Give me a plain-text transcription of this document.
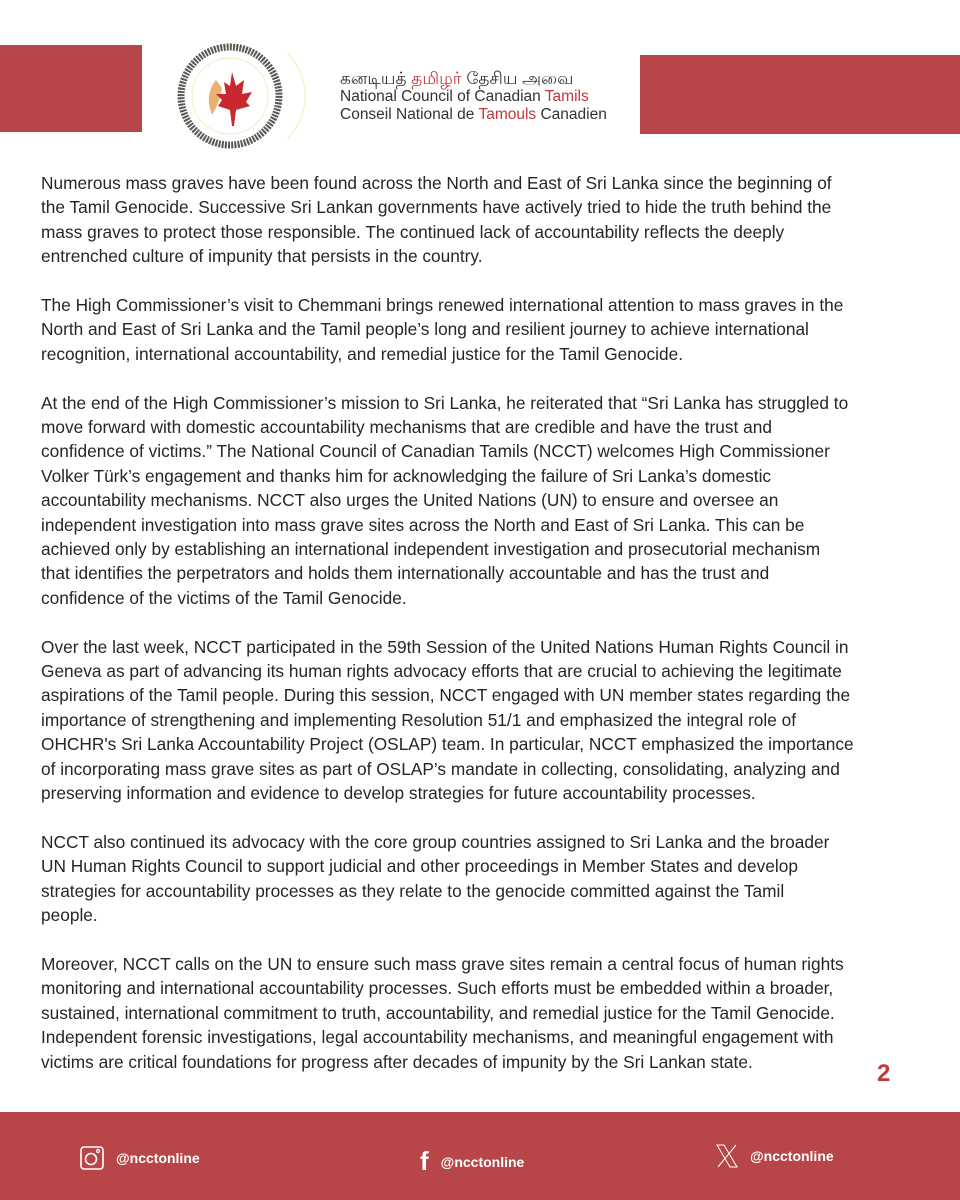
கனடியத் தமிழர் தேசிய அவை
National Council of Canadian Tamils
Conseil National de Tamouls Canadien

Numerous mass graves have been found across the North and East of Sri Lanka since the beginning of
the Tamil Genocide. Successive Sri Lankan governments have actively tried to hide the truth behind the
mass graves to protect those responsible. The continued lack of accountability reflects the deeply
entrenched culture of impunity that persists in the country.

The High Commissioner’s visit to Chemmani brings renewed international attention to mass graves in the
North and East of Sri Lanka and the Tamil people’s long and resilient journey to achieve international
recognition, international accountability, and remedial justice for the Tamil Genocide.

At the end of the High Commissioner’s mission to Sri Lanka, he reiterated that “Sri Lanka has struggled to
move forward with domestic accountability mechanisms that are credible and have the trust and
confidence of victims.” The National Council of Canadian Tamils (NCCT) welcomes High Commissioner
Volker Türk’s engagement and thanks him for acknowledging the failure of Sri Lanka’s domestic
accountability mechanisms. NCCT also urges the United Nations (UN) to ensure and oversee an
independent investigation into mass grave sites across the North and East of Sri Lanka. This can be
achieved only by establishing an international independent investigation and prosecutorial mechanism
that identifies the perpetrators and holds them internationally accountable and has the trust and
confidence of the victims of the Tamil Genocide.

Over the last week, NCCT participated in the 59th Session of the United Nations Human Rights Council in
Geneva as part of advancing its human rights advocacy efforts that are crucial to achieving the legitimate
aspirations of the Tamil people. During this session, NCCT engaged with UN member states regarding the
importance of strengthening and implementing Resolution 51/1 and emphasized the integral role of
OHCHR's Sri Lanka Accountability Project (OSLAP) team. In particular, NCCT emphasized the importance
of incorporating mass grave sites as part of OSLAP’s mandate in collecting, consolidating, analyzing and
preserving information and evidence to develop strategies for future accountability processes.

NCCT also continued its advocacy with the core group countries assigned to Sri Lanka and the broader
UN Human Rights Council to support judicial and other proceedings in Member States and develop
strategies for accountability processes as they relate to the genocide committed against the Tamil
people.

Moreover, NCCT calls on the UN to ensure such mass grave sites remain a central focus of human rights
monitoring and international accountability processes. Such efforts must be embedded within a broader,
sustained, international commitment to truth, accountability, and remedial justice for the Tamil Genocide.
Independent forensic investigations, legal accountability mechanisms, and meaningful engagement with
victims are critical foundations for progress after decades of impunity by the Sri Lankan state.	2
@ncctonline	f @ncctonline	@ncctonline
